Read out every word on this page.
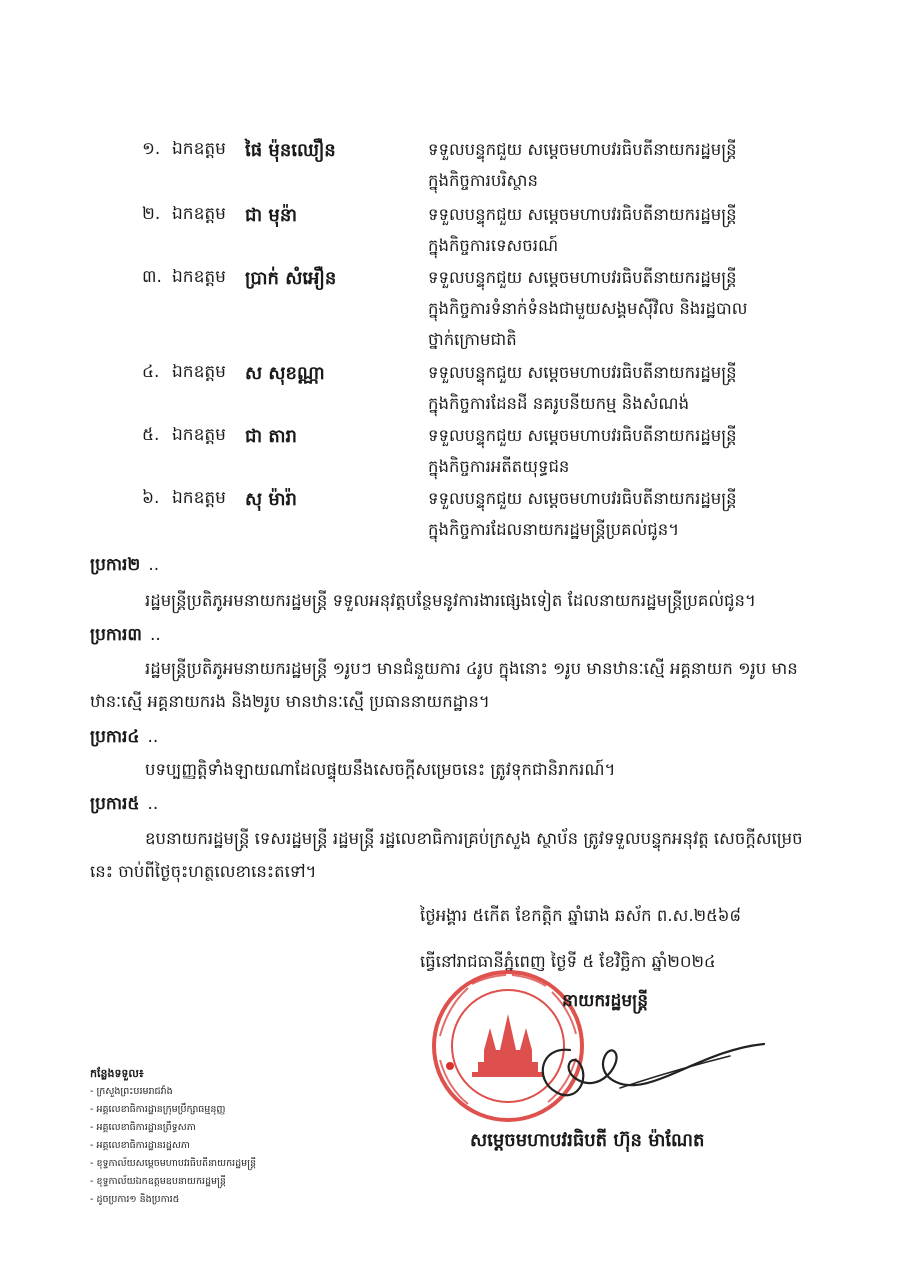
១. ឯកឧត្តម ផៃ ម៉ុនឈឿន	ទទួលបន្ទុកជួយ សម្ដេចមហាបវរធិបតីនាយករដ្ឋមន្ត្រី
ក្នុងកិច្ចការបរិស្ថាន
២. ឯកឧត្តម ជា មុន៉ា	ទទួលបន្ទុកជួយ សម្ដេចមហាបវរធិបតីនាយករដ្ឋមន្ត្រី
ក្នុងកិច្ចការទេសចរណ៍
៣. ឯកឧត្តម ប្រាក់ សំអឿន	ទទួលបន្ទុកជួយ សម្ដេចមហាបវរធិបតីនាយករដ្ឋមន្ត្រី
ក្នុងកិច្ចការទំនាក់ទំនងជាមួយសង្គមស៊ីវិល និងរដ្ឋបាល
ថ្នាក់ក្រោមជាតិ
៤. ឯកឧត្តម ស សុខណ្ណា	ទទួលបន្ទុកជួយ សម្ដេចមហាបវរធិបតីនាយករដ្ឋមន្ត្រី
ក្នុងកិច្ចការដែនដី នគរូបនីយកម្ម និងសំណង់
៥. ឯកឧត្តម ជា តារា	ទទួលបន្ទុកជួយ សម្ដេចមហាបវរធិបតីនាយករដ្ឋមន្ត្រី
ក្នុងកិច្ចការអតីតយុទ្ធជន
៦. ឯកឧត្តម សុ ម៉ារ៉ា	ទទួលបន្ទុកជួយ សម្ដេចមហាបវរធិបតីនាយករដ្ឋមន្ត្រី
ក្នុងកិច្ចការដែលនាយករដ្ឋមន្ត្រីប្រគល់ជូន។
ប្រការ២ ..
រដ្ឋមន្ត្រីប្រតិភូអមនាយករដ្ឋមន្ត្រី ទទួលអនុវត្តបន្ថែមនូវការងារផ្សេងទៀត ដែលនាយករដ្ឋមន្ត្រីប្រគល់ជូន។
ប្រការ៣ ..
រដ្ឋមន្ត្រីប្រតិភូអមនាយករដ្ឋមន្ត្រី ១រូបៗ មានជំនួយការ ៤រូប ក្នុងនោះ ១រូប មានឋានៈស្មើ អគ្គនាយក ១រូប មានឋានៈស្មើ អគ្គនាយករង និង២រូប មានឋានៈស្មើ ប្រធាននាយកដ្ឋាន។
ប្រការ៤ ..
បទប្បញ្ញត្តិទាំងឡាយណាដែលផ្ទុយនឹងសេចក្ដីសម្រេចនេះ ត្រូវទុកជានិរាករណ៍។
ប្រការ៥ ..
ឧបនាយករដ្ឋមន្ត្រី ទេសរដ្ឋមន្ត្រី រដ្ឋមន្ត្រី រដ្ឋលេខាធិការគ្រប់ក្រសួង ស្ថាប័ន ត្រូវទទួលបន្ទុកអនុវត្ត សេចក្ដីសម្រេចនេះ ចាប់ពីថ្ងៃចុះហត្ថលេខានេះតទៅ។
ថ្ងៃអង្គារ ៥កើត ខែកត្តិក ឆ្នាំរោង ឆស័ក ព.ស.២៥៦៨
ធ្វើនៅរាជធានីភ្នំពេញ ថ្ងៃទី ៥ ខែវិច្ឆិកា ឆ្នាំ២០២៤
នាយករដ្ឋមន្ត្រី
សម្ដេចមហាបវរធិបតី ហ៊ុន ម៉ាណែត
កន្លែងទទួល៖
- ក្រសួងព្រះបរមរាជវាំង
- អគ្គលេខាធិការដ្ឋានក្រុមប្រឹក្សាធម្មនុញ្ញ
- អគ្គលេខាធិការដ្ឋានព្រឹទ្ធសភា
- អគ្គលេខាធិការដ្ឋានរដ្ឋសភា
- ខុទ្ទកាល័យសម្ដេចមហាបវរធិបតីនាយករដ្ឋមន្ត្រី
- ខុទ្ទកាល័យឯកឧត្តមឧបនាយករដ្ឋមន្ត្រី
- ដូចប្រការ១ និងប្រការ៥
